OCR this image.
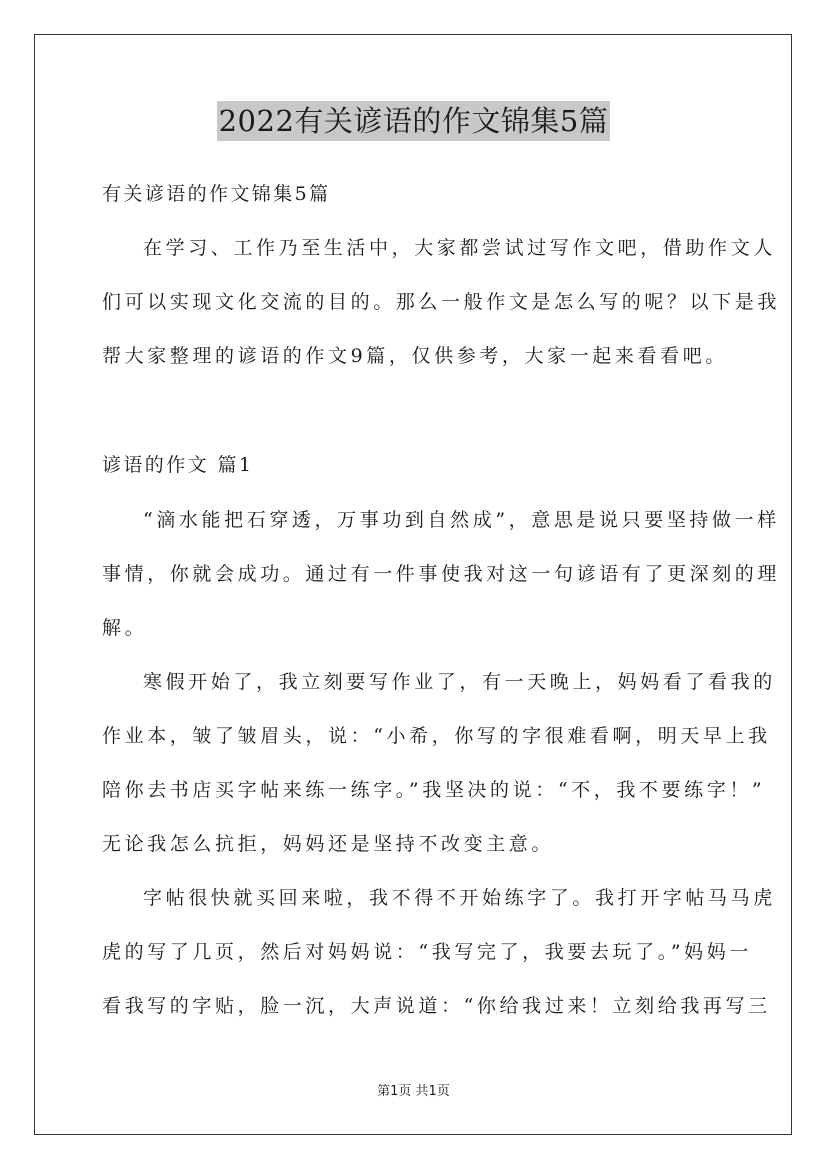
2022有关谚语的作文锦集5篇
有关谚语的作文锦集5篇
在学习、工作乃至生活中，大家都尝试过写作文吧，借助作文人
们可以实现文化交流的目的。那么一般作文是怎么写的呢？以下是我
帮大家整理的谚语的作文9篇，仅供参考，大家一起来看看吧。
谚语的作文 篇1
“滴水能把石穿透，万事功到自然成”，意思是说只要坚持做一样
事情，你就会成功。通过有一件事使我对这一句谚语有了更深刻的理
解。
寒假开始了，我立刻要写作业了，有一天晚上，妈妈看了看我的
作业本，皱了皱眉头，说：“小希，你写的字很难看啊，明天早上我
陪你去书店买字帖来练一练字。”我坚决的说：“不，我不要练字！”
无论我怎么抗拒，妈妈还是坚持不改变主意。
字帖很快就买回来啦，我不得不开始练字了。我打开字帖马马虎
虎的写了几页，然后对妈妈说：“我写完了，我要去玩了。”妈妈一
看我写的字贴，脸一沉，大声说道：“你给我过来！立刻给我再写三
第1页 共1页
